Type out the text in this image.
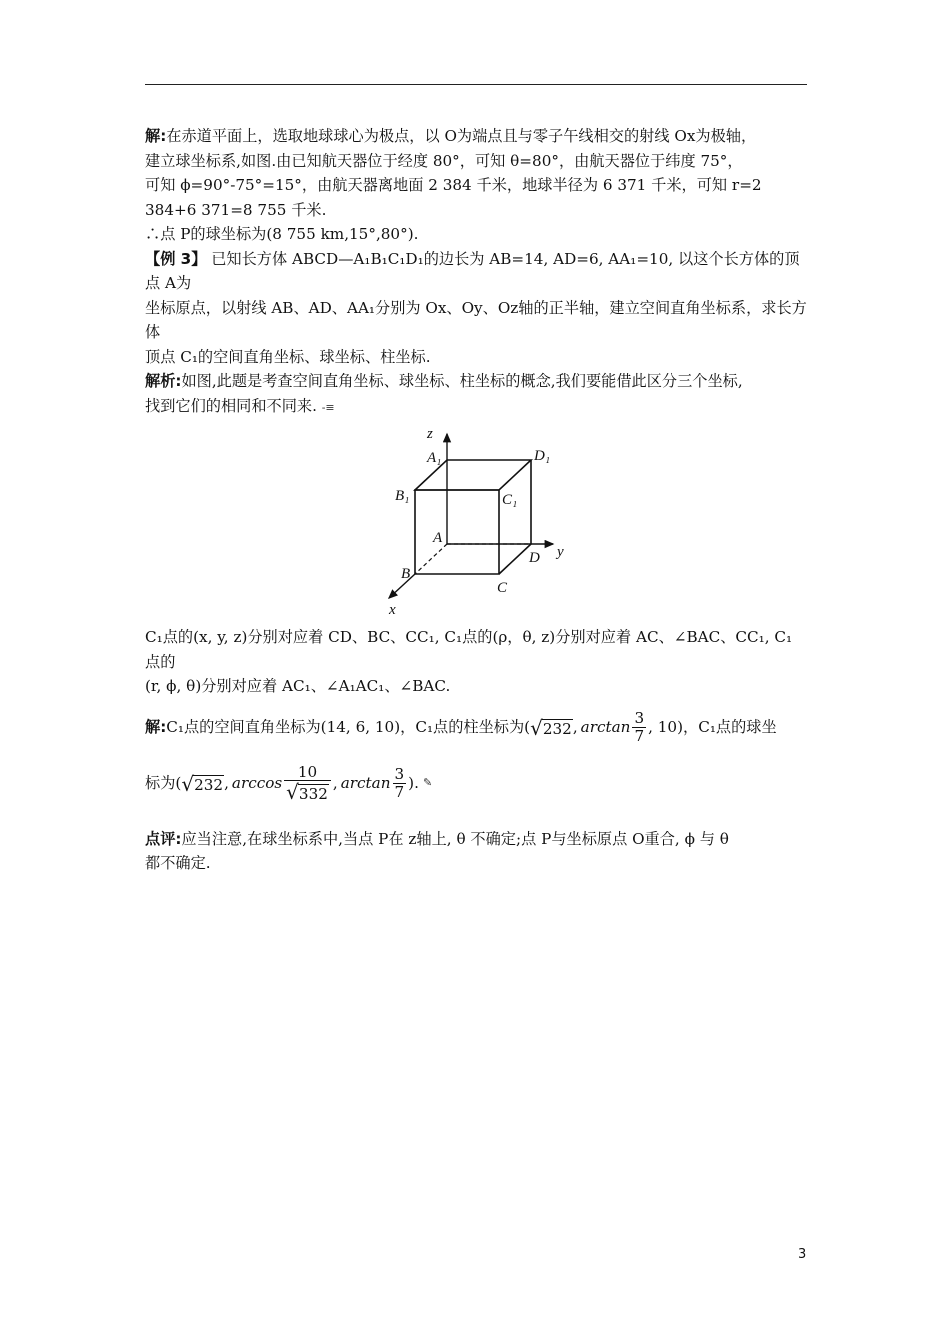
解:在赤道平面上，选取地球球心为极点，以 O为端点且与零子午线相交的射线 Ox为极轴，

建立球坐标系,如图.由已知航天器位于经度 80°，可知 θ=80°，由航天器位于纬度 75°，

可知 ϕ=90°-75°=15°，由航天器离地面 2 384 千米，地球半径为 6 371 千米，可知 r=2

384+6 371=8 755 千米.

∴点 P的球坐标为(8 755 km,15°,80°).

【例 3】 已知长方体 ABCD—A₁B₁C₁D₁的边长为 AB=14, AD=6, AA₁=10, 以这个长方体的顶点 A为

坐标原点，以射线 AB、AD、AA₁分别为 Ox、Oy、Oz轴的正半轴，建立空间直角坐标系，求长方体

顶点 C₁的空间直角坐标、球坐标、柱坐标.

解析:如图,此题是考查空间直角坐标、球坐标、柱坐标的概念,我们要能借此区分三个坐标,

找到它们的相同和不同来. -≡

z
A₁	D₁
B₁	C₁
A
D y
B
C
x

C₁点的(x, y, z)分别对应着 CD、BC、CC₁, C₁点的(ρ，θ, z)分别对应着 AC、∠BAC、CC₁, C₁点的

(r, ϕ, θ)分别对应着 AC₁、∠A₁AC₁、∠BAC.

解: C₁点的空间直角坐标为(14, 6, 10)，C₁点的柱坐标为( √ 232 , $\arctan \frac{3}{7}$ , 10)，C₁点的球坐
标为( √ 232 , $\arccos \frac{10}{√ 332}$ , $\arctan \frac{3}{7}$ ). ✎

点评:应当注意,在球坐标系中,当点 P在 z轴上, θ 不确定;点 P与坐标原点 O重合, ϕ 与 θ

都不确定.

3
